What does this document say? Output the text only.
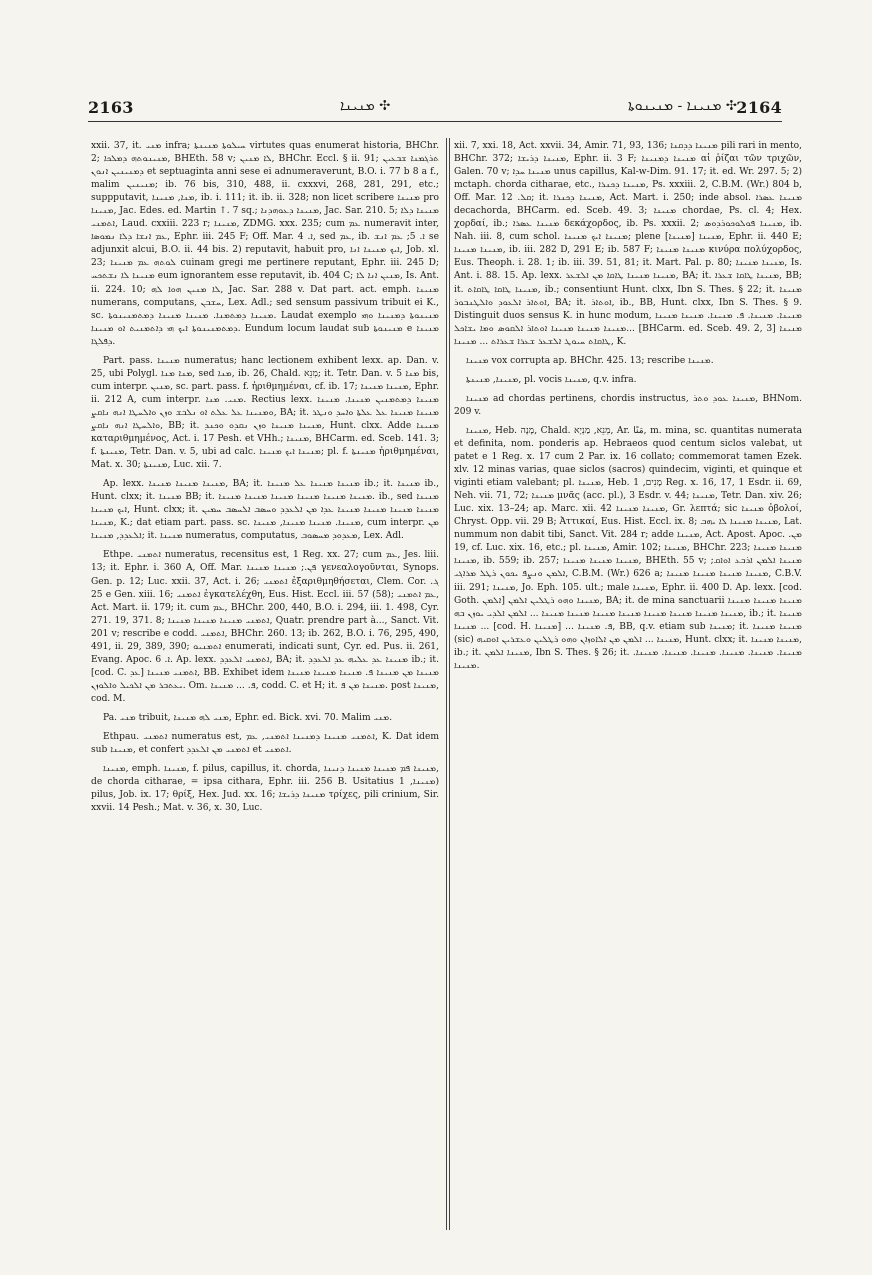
2163	✣ ܡܢܝܢܐ	✣ ܡܢܝܢܐ - ܡܢܝܢܘܬܐ 2164

xxii. 37, it. ܡܢܝ infra; ܚܝܠܘܬܐ ܡܢܝܢܬܐ virtutes quas enumerat historia, BHChr. 2; ܡܢܝܢܘܬܗ ܕܡܠܟܐ, BHEth. 58 v; ܠܐ ܡܢܝܢ, BHChr. Eccl. § ii. 91; ܬܪܓܡܢܐ ܫܒܥܝܢ ܕܡܢܝܢܝܢ ܐܢܘܢ et septuaginta anni sese ei adnumeraverunt, B.O. i. 77 b 8 a f., malim ܡܢܝܢܝܢ; ib. 76 bis, 310, 488, ii. cxxxvi, 268, 281, 291, etc.; suppputavit, ܡܢܐ, ܡܢܝܢܐ, ib. i. 111; it. ib. ii. 328; non licet scribere ܡܢܝܢܐ pro ܡܢܝܢܐ, Jac. Edes. ed. Martin ↑. 7 sq.; ܡܢܝܢܐ ܕܥܘܗܕܢܐ, Jac. Sar. 210. 5; ܡܢܝܢܐ ܕܠܐ ܐܬܡܢܝ, Laud. cxxiii. 223 r; ܡܢܝܢܐ, ZDMG. xxx. 235; cum ܥܡ numeravit inter, ܥܡ ܐܢܫܐ ܕܠܐ ܢܡܘܣܐ, Ephr. iii. 245 F; Off. Mar. ܐ. 4, sed ܥܡ, ib. ܐ. 5; ܥܡ ܐܢܫ se adjunxit alcui, B.O. ii. 44 bis. 2) reputavit, habuit pro, ܐܝܟ ܡܢܝܢܐ ܐܢܐ, Job. xl. 23; ܠܘܬܗ ܥܡ ܡܢܝܢܐ cuinam gregi me pertinere reputant, Ephr. iii. 245 D; ܡܢܝܢܐ ܠܐ ܢܫܬܟܚ eum ignorantem esse reputavit, ib. 404 C; ܡܢܝܢ ܐܢܐ ܠܐ, Is. Ant. ii. 224. 10; ܠܐ ܡܢܝܢ ܗܘܐ ܠܗ, Jac. Sar. 288 v. Dat part. act. emph. ܡܢܝܢܐ numerans, computans, ܚܫܒܢ, Lex. Adl.; sed sensum passivum tribuit ei K., sc. ܡܢܝܢܐ ܕܡܬܡܢܐ. ܡܢܝܢܐ ܡܢܝܢܐ ܕܡܬܡܢܝܢܘܬܐ. Laudat exemplo ܡܢܝܢܘܬܐ ܕܡܢܝܢܐ ܘܗܝ ܕܡܬܡܢܝܢܘܬܐ ܐܝܟ ܗܝ ܕܐܬܡܢܝܬ ܐܘ ܡܢܝܢܐ. Eundum locum laudat sub ܡܢܝܢܘܬܐ e ܡܢܝܢܐ ܕܦܠܓܐ.

Part. pass. ܡܢܝܢܐ numeratus; hanc lectionem exhibent lexx. ap. Dan. v. 25, ubi Polygl. ܡܢܐ ܡܢܐ, sed ܡܢܐ, ib. 26, Chald. מְנֵא; it. Tetr. Dan. v. 5 ܡܢܐ bis, cum interpr. ܡܢܝܢ, sc. part. pass. f. ἠριθμημέναι, cf. ib. 17; ܡܢܝܢܐ ܡܢܝܢܐ, Ephr. ii. 212 A, cum interpr. ܡܢܝ. ܡܢܐ. Rectius lexx. ܡܢܝܢܐ ܕܡܬܡܢܝܢ ܡܢܝܢܐ. ܡܢܝܢܐ ܘܡܢܝܢܐ ܥܠ ܥܠܬ ܐܘ ܢܠܒܫ ܘܙܢ ܘܐܠܚܛܐ ܐܢܗ ܢܐܩܨ, BA; it. ܡܢܝܢܐ ܡܢܝܢܐ ܥܠ ܥܠܬܐ ܘܐܚܕ ܘܢܛܪ ܘܐܠܚܛܐ ܐܢܗ ܢܐܩܨ, BB; it. ܡܢܝܢܐ ܡܢܝܢܐ ܘܙܢ ܢܩܕܘ ܘܟܢܕ, Hunt. clxx. Adde ܡܢܝܢܐ καταριθμημένος, Act. i. 17 Pesh. et VHh.; ܡܢܝܢܐ, BHCarm. ed. Sceb. 141. 3; f. ܡܢܝܢܬܐ, Tetr. Dan. v. 5, ubi ad calc. ܡܢܝܢܐ ܐܝܟ ܡܢܝܢܐ; pl. f. ܡܢܝܢܬܐ ἠριθμημέναι, Mat. x. 30; ܡܢܝܢܬܐ, Luc. xii. 7.

Ap. lexx. ܡܢܝܢܐ ܡܢܝܢܐ ܡܢܝܢܐ, BA; it. ܡܢܝܢܐ ܡܢܝܢܐ ܥܠ ܡܢܝܢܐ ib.; it. ܡܢܝܢܐ ib., Hunt. clxx; it. ܡܢܝܢܐ BB; it. ܡܢܝܢܐ ܡܢܝܢܐ ܡܢܝܢܐ ܡܢܝܢܐ ܡܢܝܢܐ ܡܢܝܢܐ. ib., sed ܡܢܝܢܐ ܐܝܟ ܡܢܝܢܐ, Hunt. clxx; it. ܡܢܝܢܐ ܡܢܝܢܐ ܡܢܝܢܐ ܡܢܝܢܐ ܥܕܐ ܡܢ ܐܠܥܕܕ ܘܚܣܒ ܐܠܚܣܒ ܚܡܝܢ ܡܢܝܢܐ, K.; dat etiam part. pass. sc. ܡܢܝܢܐ. ܡܢܝܢܐ ܡܢܝܢܐ, ܡܢܝܢܐ, cum interpr. ܡܢ ܐܠܥܕܕ, ܡܢܝܢܐ; it. ܡܢܝܢܐ numeratus, computatus, ܡܥܕܘܕ ܡܚܣܘܒ, Lex. Adl.

Ethpe. ܐܬܡܢܝ numeratus, recensitus est, 1 Reg. xx. 27; cum ܥܡ, Jes. liii. 13; it. Ephr. i. 360 A, Off. Mar. ܦܢ.; ܡܢܝܢܐ ܡܢܝܢܐ γενεαλογοῦνται, Synops. Gen. p. 12; Luc. xxii. 37, Act. i. 26; ܐܬܡܢܝ ἐξαριθμηθήσεται, Clem. Cor. ܓ. 25 e Gen. xiii. 16; ܐܬܡܢܝ ἐγκατελέχθη, Eus. Hist. Eccl. iii. 57 (58); ܥܡ ܐܬܡܢܝ, Act. Mart. ii. 179; it. cum ܥܡ, BHChr. 200, 440, B.O. i. 294, iii. 1. 498, Cyr. 271. 19, 371. 8; ܐܬܡܢܝ ܡܢܝܢܐ ܡܢܝܢܐ ܡܢܝܢܐ, Quatr. prendre part à..., Sanct. Vit. 201 v; rescribe e codd. ܐܬܡܢܝ, BHChr. 260. 13; ib. 262, B.O. i. 76, 295, 490, 491, ii. 29, 389, 390; ܐܬܡܢܝܘ enumerati, indicati sunt, Cyr. ed. Pus. ii. 261, Evang. Apoc. ܐ. 6. Ap. lexx. ܐܬܡܢܝ ܐܠܥܕܕ, BA; it. ܡܢܝܢܐ ܥܕ ܥܠܝܗ ܥܕ ܐܠܥܕܕ ib.; it. [cod. C. ܥܕ] ܐܬܡܢܝ ܡܢܝܢܐ, BB. Exhibet idem ܡܢܝܢܐ ܡܢ ܡܢܝܢܐ ܦ. ܡܢܝܢܐ ܡܢܝܢܐ ܡܢܝܢܐ ܝܥܬܒܪ ܡܢ ܐܠܟܝܠ ܘܐܠܘܙܢ. Om. ܦ. ... ܡܢܝܢܐ, codd. C. et H; it. ܡܢܝܢܐ ܡܢ ܦ. post ܡܢܝܢܐ, cod. M.

Pa. ܡܢܝ tribuit, ܡܢܝ ܠܗ ܡܢܝܢܐ, Ephr. ed. Bick. xvi. 70. Malim ܡܢܝ.

Ethpau. ܐܬܡܢܝ numeratus est, ܐܬܡܢܝ ܡܢܝܢܐ ܕܡܢܝܢܐ ܐܬܡܢܝ, ܥܡ, K. Dat idem sub ܡܢܝܢܐ, et confert ܐܬܡܢܝ ܡܢ ܐܠܥܕܕ et ܐܬܡܢܝ.

ܡܢܝܢܐ, emph. ܡܢܝܢܐ, f. pilus, capillus, it. chorda, ܡܢܝܢܐ ܦܡ ܡܢܝܢܐ ܡܢܝܢܐ ܕܢܝܢܐ, de chorda citharae, = ipsa cithara, Ephr. iii. 256 B. Usitatius ܡܢܝܢܐ, 1) pilus, Job. ix. 17; θρίξ, Hex. Jud. xx. 16; ܡܢܝܢܐ ܕܪܝܫܐ τρίχες, pili crinium, Sir. xxvii. 14 Pesh.; Mat. v. 36, x. 30, Luc.

xii. 7, xxi. 18, Act. xxvii. 34, Amir. 71, 93, 136; ܡܢܝܢܐ ܕܕܩܢܐ pili rari in mento, BHChr. 372; ܡܢܝܢܐ ܕܪܝܫܐ, Ephr. ii. 3 F; ܡܢܝܢܐ ܕܡܢܝܢܐ αἱ ῥίζαι τῶν τριχῶν, Galen. 70 v; ܡܢܝܢܐ ܚܕܐ unus capillus, Kal-w-Dim. 91. 17; it. ed. Wr. 297. 5; 2) mctaph. chorda citharae, etc., ܡܢܝܢܐ ܕܟܢܪܐ, Ps. xxxiii. 2, C.B.M. (Wr.) 804 b, Off. Mar. ܩܠ. 12; it. ܡܢܝܢܐ ܕܟܢܪܐ, Act. Mart. i. 250; inde absol. ܡܢܝܢܐ ܥܣܪܐ decachorda, BHCarm. ed. Sceb. 49. 3; ܡܢܝܢܐ chordae, Ps. cl. 4; Hex. χορδαί, ib.; ܡܢܝܢܐ ܥܣܪܐ δεκάχορδος, ib. Ps. xxxii. 2; ܡܢܝܢܐ ܦܘܠܘܟܘܪܕܘܣ, ib. Nah. iii. 8, cum schol. ܡܢܝܢܐ ܐܝܟ ܡܢܝܢܐ; plene ܡܢܝܢܐ [ܡܢܝܢܐ], Ephr. ii. 440 E; ܡܢܝܢܐ ܡܢܝܢܐ, ib. iii. 282 D, 291 E; ib. 587 F; ܡܢܝܢܐ ܡܢܝܢܐ κινύρα πολύχορδος, Eus. Theoph. i. 28. 1; ib. iii. 39. 51, 81; it. Mart. Pal. p. 80; ܡܢܝܢܐ ܡܢܝܢܐ, Is. Ant. i. 88. 15. Ap. lexx. ܡܢܝܢܐ ܡܢܝܢܐ ܛܐܩܐ ܡܢ ܐܠܫܥܪ, BA; it. ܡܢܝܢܐ ܛܐܩܐ ܫܥܪܐ, BB; it. ܡܢܝܢܐ ܛܐܩܐ ܛܐܩܐܬ, ib.; consentiunt Hunt. clxx, Ibn S. Thes. § 22; it. ܡܢܝܢܐ ܐܘܬܐܪ ܐܠܥܘܕ ܘܐܠܛܢܒܘܪ, BA; it. ܐܘܬܐܪ, ib., BB, Hunt. clxx, Ibn S. Thes. § 9. Distinguit duos sensus K. in hunc modum, ܡܢܝܢܐ. ܡܢܝܢܐ. ܦ. ܡܢܝܢܐ. ܡܢܝܢܐ ܡܢܝܢܐ ܡܢܝܢܐ ܡܢܝܢܐ ܡܢܝܢܐ ܐܘܬܐܪ ܐܠܩܘܣ ܘܡܐ ܝܫܐܟܠ... [BHCarm. ed. Sceb. 49. 2, 3] ܡܢܝܢܐ ܛܐܩܐܬ ܚܝܘܛ ܐܠܫܥܪ ܫܥܪܐ ܫܥܪܐܬ ... ܡܢܝܢܐ, K.

ܡܢܝܢܐ vox corrupta ap. BHChr. 425. 13; rescribe ܡܢܝܢܐ.

ܡܢܝܢܐ, ܡܢܝܢܬܐ, pl. vocis ܡܢܝܢܐ, q.v. infra.

ܡܢܝܢܐ ad chordas pertinens, chordis instructus, ܡܢܝܢܐ ܥܘܕ ܘܬܪ, BHNom. 209 v.

ܡܢܝܢܐ, Heb. מָנֶה, Chald. מְנֵא, מַנְיָא, Ar. مَنًا, m. mina, sc. quantitas numerata et definita, nom. ponderis ap. Hebraeos quod centum siclos valebat, ut patet e 1 Reg. x. 17 cum 2 Par. ix. 16 collato; commemorat tamen Ezek. xlv. 12 minas varias, quae siclos (sacros) quindecim, viginti, et quinque et viginti etiam valebant; pl. ܡܢܝܢܐ, Heb. מָנִים, 1 Reg. x. 16, 17, 1 Esdr. ii. 69, Neh. vii. 71, 72; ܡܢܝܢܐ μνᾶς (acc. pl.), 3 Esdr. v. 44; ܡܢܝܢܐ, Tetr. Dan. xiv. 26; Luc. xix. 13–24; ap. Marc. xii. 42 ܡܢܝܢܐ ܡܢܝܢܐ, Gr. λεπτά; sic ܡܢܝܢܐ ὀβολοί, Chryst. Opp. vii. 29 B; Ἀττικαί, Eus. Hist. Eccl. ix. 8; ܡܢܝܢܐ ܡܢܝܢܐ ܠܐ ܝܗܒ, Lat. nummum non dabit tibi, Sanct. Vit. 284 r; adde ܡܢܝܢܐ, Act. Apost. Apoc. ܡܢ. 19, cf. Luc. xix. 16, etc.; pl. ܡܢܝܢܐ, Amir. 102; ܡܢܝܢܐ, BHChr. 223; ܡܢܝܢܐ ܡܢܝܢܐ ܡܢܝܢܐ, ib. 559; ib. 257; ܡܢܝܢܐ ܡܢܝܢܐ ܡܢܝܢܐ, BHEth. 55 v; ܡܢܝܢܐ ܐܠܡܢ ܐܪܒܥ ܐܘܐܩ; ܐܠܡܢ ܘܢܨܦ ܝܟܘܢ ܪܛܠ ܡܪܐܓܝ, C.B.M. (Wr.) 626 a; ܡܢܝܢܐ ܡܢܝܢܐ ܡܢܝܢܐ ܡܢܝܢܐ, C.B.V. iii. 291; ܡܢܝܢܐ, Jo. Eph. 105. ult.; male ܡܢܝܢܐ, Ephr. ii. 400 D. Ap. lexx. [cod. Goth. ܐܠܡܢ] ܡܢܝܢܐ ܘܗܘ ܪܛܠܝܢ ܐܠܡܢ, BA; it. de mina sanctuarii ܡܢܝܢܐ ܡܢܝܢܐ ܡܢܝܢܐ ܡܢܝܢܐ ܡܢܝܢܐ ܡܢܝܢܐ ܡܢܝܢܐ ܡܢܝܢܐ ܡܢܝܢܐ ܡܢܝܢܐ ܡܢܝܢܐ ... ܐܠܡܢ ܐܠܕܝ ܝܘܙܢ ܒܗ, ib.; it. ܡܢܝܢܐ ܡܢܝܢܐ ... [cod. H. ܡܢܝܢܐ] ... ܦ. ܡܢܝܢܐ, BB, q.v. etiam sub ܡܢܝܢܐ; it. ܡܢܝܢܐ ܡܢܝܢܐ (sic) ܡܢܝܢܐ ... ܐܠܡܢ ܡܢ ܐܠܐܘܙܐܢ ܘܗܘ ܪܛܠܝܢ ܘܥܫܪܝܢ ܐܘܩܝܗ, Hunt. clxx; it. ܡܢܝܢܐ ܡܢܝܢܐ, ib.; it. ܡܢܝܢܐ ܐܠܡܢ, Ibn S. Thes. § 26; it. ܡܢܝܢܐ. ܡܢܝܢܐ. ܡܢܝܢܐ. ܡܢܝܢܐ. ܡܢܝܢܐ. ܡܢܝܢܐ. ܡܢܝܢܐ.
